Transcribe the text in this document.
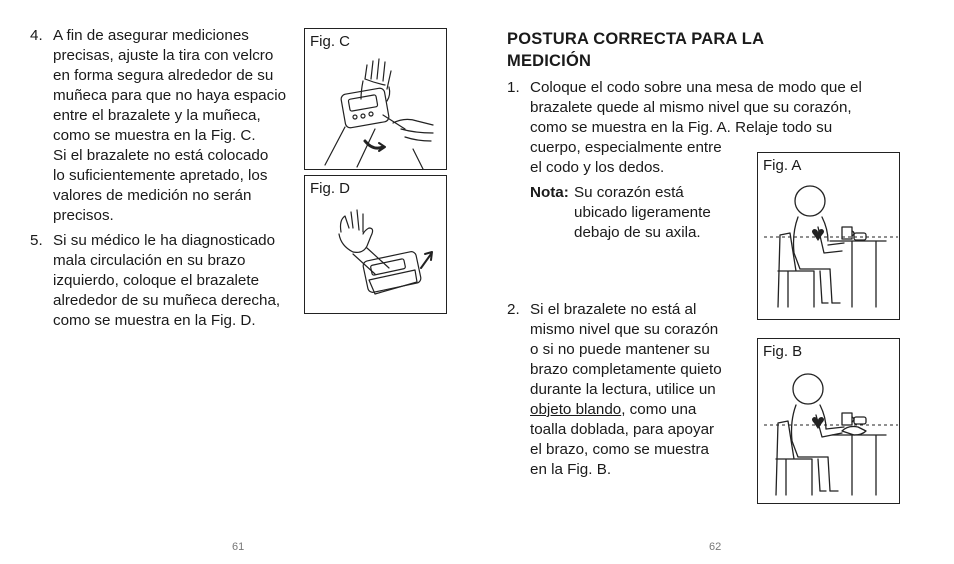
4. A fin de asegurar mediciones
precisas, ajuste la tira con velcro
en forma segura alrededor de su
muñeca para que no haya espacio
entre el brazalete y la muñeca,
como se muestra en la Fig. C.
Si el brazalete no está colocado
lo suficientemente apretado, los
valores de medición no serán
precisos.
5. Si su médico le ha diagnosticado
mala circulación en su brazo
izquierdo, coloque el brazalete
alrededor de su muñeca derecha,
como se muestra en la Fig. D.
Fig. C
Fig. D
61
POSTURA CORRECTA PARA LA
MEDICIÓN
1. Coloque el codo sobre una mesa de modo que el
brazalete quede al mismo nivel que su corazón,
como se muestra en la Fig. A. Relaje todo su
cuerpo, especialmente entre
el codo y los dedos.
Nota: Su corazón está
ubicado ligeramente
debajo de su axila.
2. Si el brazalete no está al
mismo nivel que su corazón
o si no puede mantener su
brazo completamente quieto
durante la lectura, utilice un
objeto blando, como una
toalla doblada, para apoyar
el brazo, como se muestra
en la Fig. B.
Fig. A
Fig. B
62
